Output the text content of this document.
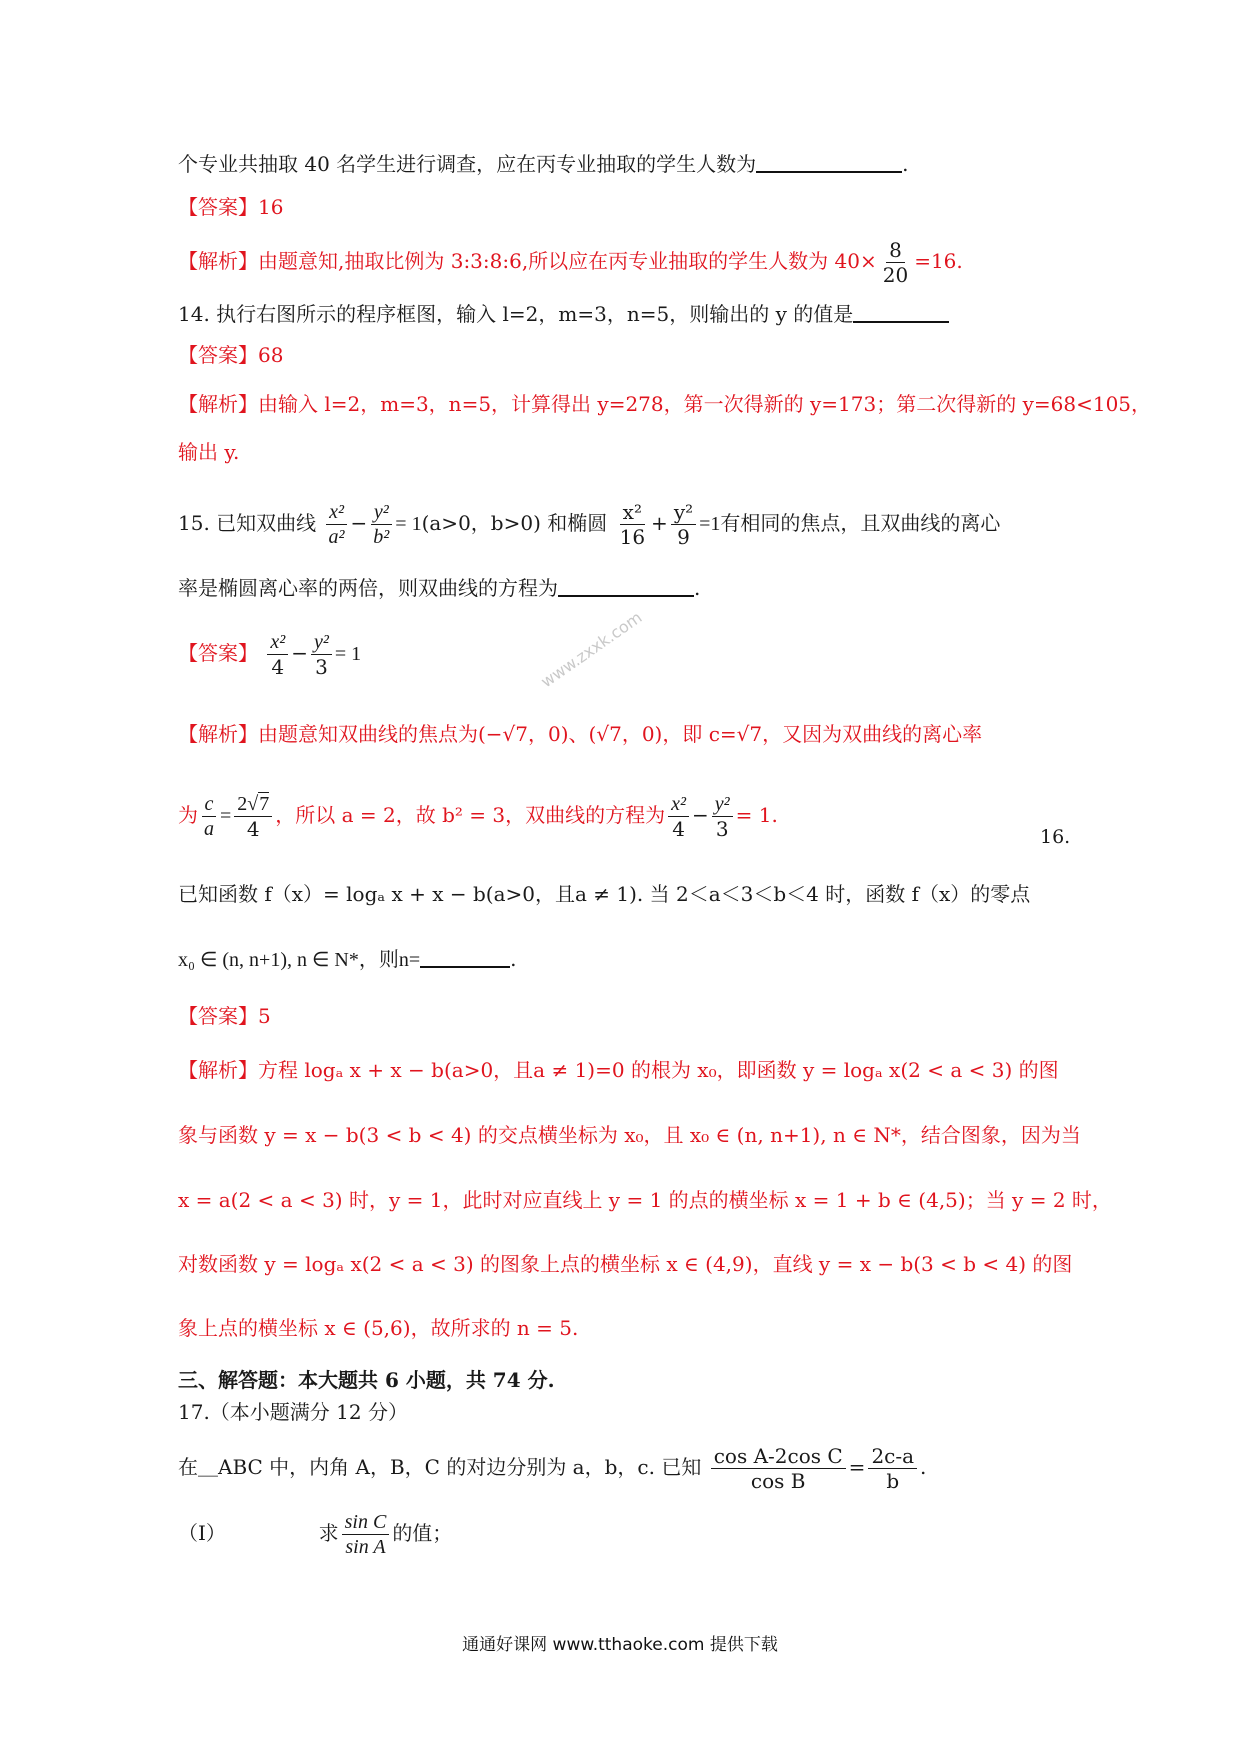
个专业共抽取 40 名学生进行调查，应在丙专业抽取的学生人数为	.
【答案】16
【解析】由题意知,抽取比例为 3:3:8:6,所以应在丙专业抽取的学生人数为 $40\times \frac{8}{20} =16$.
14. 执行右图所示的程序框图，输入 l=2，m=3，n=5，则输出的 y 的值是
【答案】68
【解析】由输入 l=2，m=3，n=5，计算得出 y=278，第一次得新的 y=173；第二次得新的 y=68<105，
输出 y.
15. 已知双曲线 $\frac{\text{x²}}{\text{a²}} - \frac{\text{y²}}{\text{b²}} = 1(a>0$，b>0) 和椭圆 $\frac{\text{x²}}{16} + \frac{\text{y²}}{9} =1$有相同的焦点，且双曲线的离心
率是椭圆离心率的两倍，则双曲线的方程为	.
【答案】 $\frac{\text{x²}}{4} - \frac{\text{y²}}{3} = 1$
【解析】由题意知双曲线的焦点为(−√7，0)、(√7，0)，即 c=√7，又因为双曲线的离心率
为 $\frac{c}{a} = \frac{2√7}{4}$ ，所以 a = 2，故 b² = 3，双曲线的方程为 $\frac{\text{x²}}{4} - \frac{\text{y²}}{3} = 1$.
16.
已知函数 f（x）= logₐ x + x − b(a>0，且a ≠ 1). 当 2＜a＜3＜b＜4 时，函数 f（x）的零点
x₀ ∈ (n, n+1), n ∈ N*，则n=	.
【答案】5
【解析】方程 logₐ x + x − b(a>0，且a ≠ 1)=0 的根为 x₀，即函数 y = logₐ x(2 < a < 3) 的图
象与函数 y = x − b(3 < b < 4) 的交点横坐标为 x₀，且 x₀ ∈ (n, n+1), n ∈ N*，结合图象，因为当
x = a(2 < a < 3) 时，y = 1，此时对应直线上 y = 1 的点的横坐标 x = 1 + b ∈ (4,5)；当 y = 2 时，
对数函数 y = logₐ x(2 < a < 3) 的图象上点的横坐标 x ∈ (4,9)，直线 y = x − b(3 < b < 4) 的图
象上点的横坐标 x ∈ (5,6)，故所求的 n = 5.
三、解答题：本大题共 6 小题，共 74 分.
17.（本小题满分 12 分）
在＿ABC 中，内角 A，B，C 的对边分别为 a，b，c. 已知 $\frac{\text{cos A-2cos C}}{\text{cos B}} = \frac{2c-a}{b}$ .
（I）	求 $\frac{\text{sin C}}{\text{sin A}}$ 的值；
www.zxxk.com
通通好课网 www.tthaoke.com 提供下载
